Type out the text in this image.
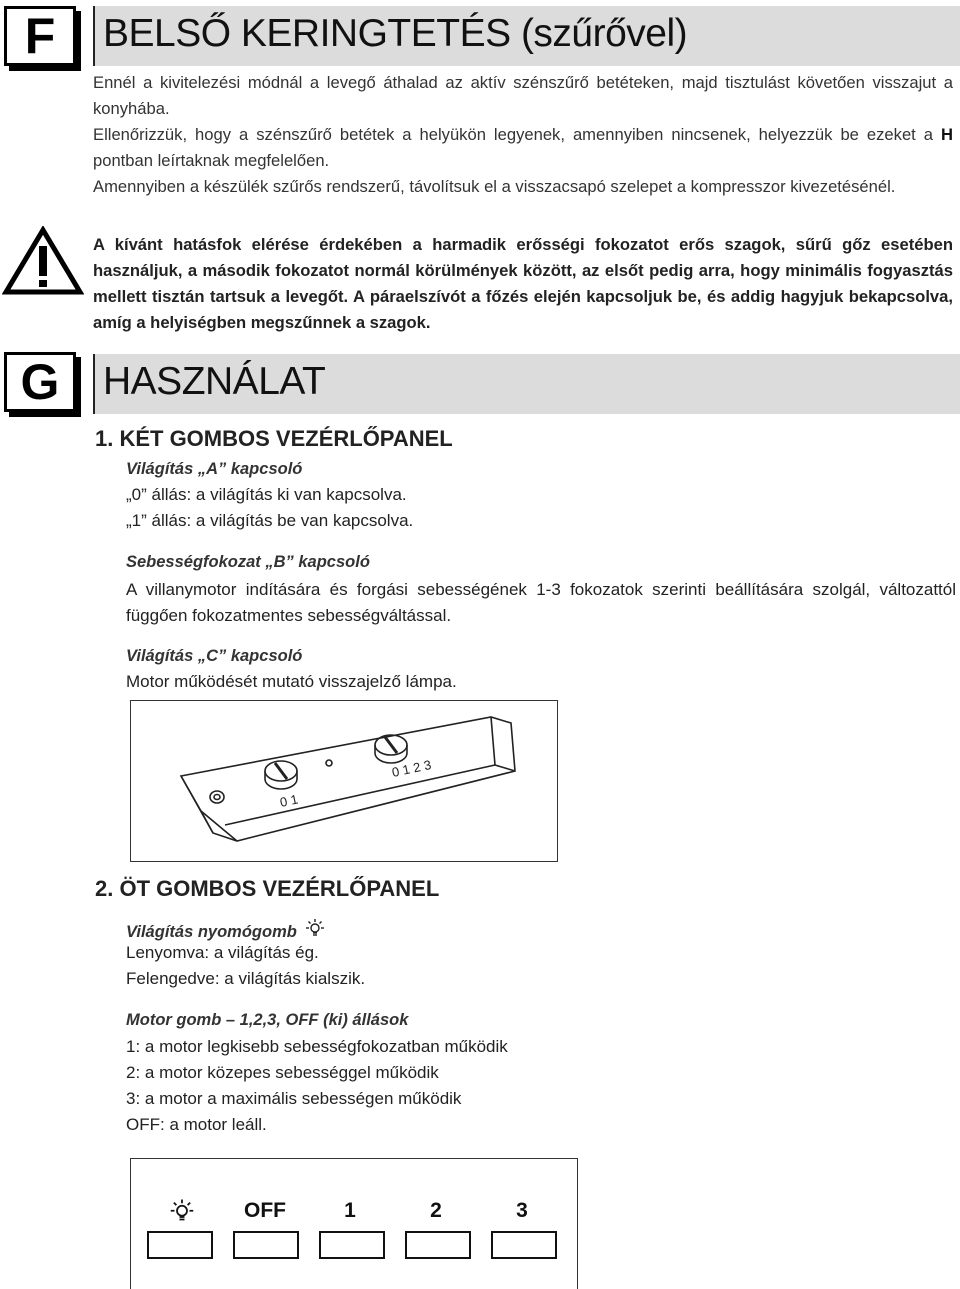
F	BELSŐ KERINGTETÉS (szűrővel)

Ennél a kivitelezési módnál a levegő áthalad az aktív szénszűrő betéteken, majd tisztulást követően visszajut a konyhába.

Ellenőrizzük, hogy a szénszűrő betétek a helyükön legyenek, amennyiben nincsenek, helyezzük be ezeket a H pontban leírtaknak megfelelően.

Amennyiben a készülék szűrős rendszerű, távolítsuk el a visszacsapó szelepet a kompresszor kivezetésénél.

A kívánt hatásfok elérése érdekében a harmadik erősségi fokozatot erős szagok, sűrű gőz esetében használjuk, a második fokozatot normál körülmények között, az elsőt pedig arra, hogy minimális fogyasztás mellett tisztán tartsuk a levegőt. A páraelszívót a főzés elején kapcsoljuk be, és addig hagyjuk bekapcsolva, amíg a helyiségben megszűnnek a szagok.

G	HASZNÁLAT
1. KÉT GOMBOS VEZÉRLŐPANEL
Világítás „A” kapcsoló
„0” állás: a világítás ki van kapcsolva.
„1” állás: a világítás be van kapcsolva.
Sebességfokozat „B” kapcsoló

A villanymotor indítására és forgási sebességének 1-3 fokozatok szerinti beállítására szolgál, változattól függően fokozatmentes sebességváltással.

Világítás „C” kapcsoló
Motor működését mutató visszajelző lámpa.
0 1
0 1 2 3
2. ÖT GOMBOS VEZÉRLŐPANEL
Világítás nyomógomb
Lenyomva: a világítás ég.
Felengedve: a világítás kialszik.
Motor gomb – 1,2,3, OFF (ki) állások
1: a motor legkisebb sebességfokozatban működik
2: a motor közepes sebességgel működik
3: a motor a maximális sebességen működik
OFF: a motor leáll.
OFF	1	2	3
